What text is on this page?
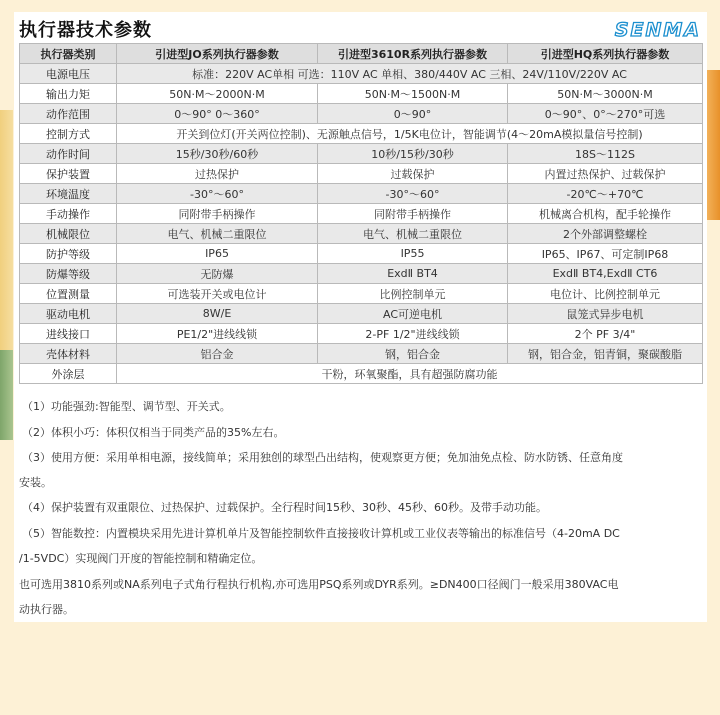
执行器技术参数	SENMA
执行器类别	引进型JO系列执行器参数	引进型3610R系列执行器参数	引进型HQ系列执行器参数
电源电压	标准：220V AC单相 可选：110V AC 单相、380/440V AC 三相、24V/110V/220V AC		
输出力矩	50N·M～2000N·M	50N·M～1500N·M	50N·M～3000N·M
动作范围	0～90° 0～360°	0～90°	0～90°、0°～270°可选
控制方式	开关到位灯(开关两位控制)、无源触点信号，1/5K电位计，智能调节(4～20mA模拟量信号控制)		
动作时间	15秒/30秒/60秒	10秒/15秒/30秒	18S～112S
保护装置	过热保护	过载保护	内置过热保护、过载保护
环境温度	-30°～60°	-30°～60°	-20℃～+70℃
手动操作	同附带手柄操作	同附带手柄操作	机械离合机构，配手轮操作
机械限位	电气、机械二重限位	电气、机械二重限位	2个外部调整螺栓
防护等级	IP65	IP55	IP65、IP67、可定制IP68
防爆等级	无防爆	ExdⅡ BT4	ExdⅡ BT4,ExdⅡ CT6
位置测量	可选装开关或电位计	比例控制单元	电位计、比例控制单元
驱动电机	8W/E	AC可逆电机	鼠笼式异步电机
进线接口	PE1/2"进线线锁	2-PF 1/2"进线线锁	2个 PF 3/4"
壳体材料	铝合金	钢，铝合金	钢，铝合金，铝青铜，聚碳酸脂
外涂层	干粉，环氧聚酯，具有超强防腐功能		
（1）功能强劲:智能型、调节型、开关式。
（2）体积小巧：体积仅相当于同类产品的35%左右。
（3）使用方便：采用单相电源，接线简单；采用独创的球型凸出结构，使观察更方便；免加油免点检、防水防锈、任意角度
安装。
（4）保护装置有双重限位、过热保护、过载保护。全行程时间15秒、30秒、45秒、60秒。及带手动功能。
（5）智能数控：内置模块采用先进计算机单片及智能控制软件直接接收计算机或工业仪表等输出的标准信号（4-20mA DC
/1-5VDC）实现阀门开度的智能控制和精确定位。
也可选用3810系列或NA系列电子式角行程执行机构,亦可选用PSQ系列或DYR系列。≥DN400口径阀门一般采用380VAC电
动执行器。
